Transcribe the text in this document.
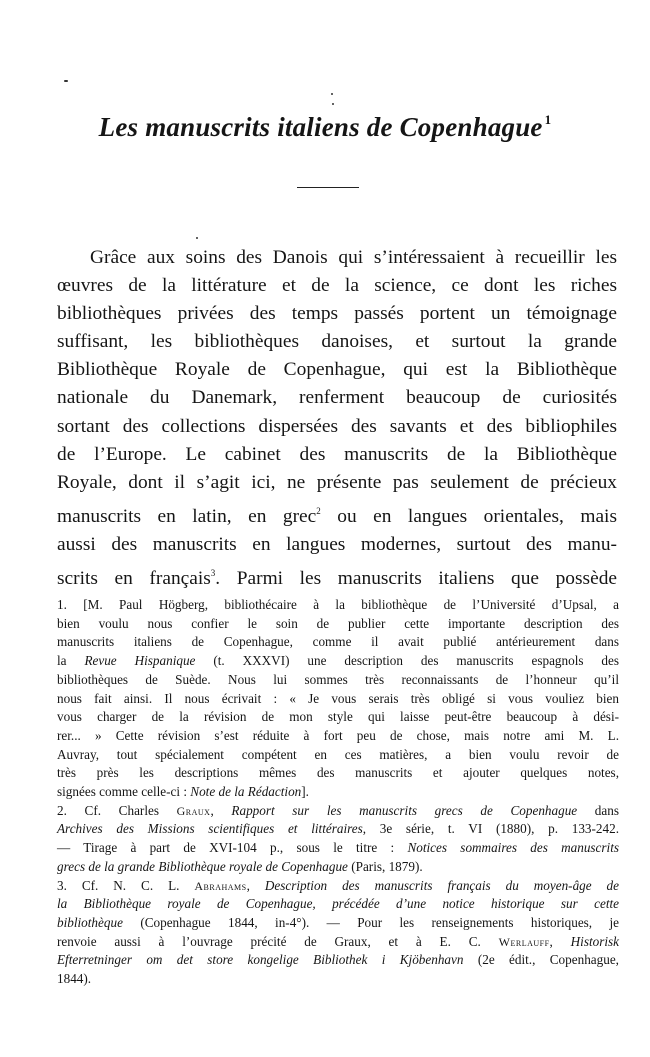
Les manuscrits italiens de Copenhague $^1$
Grâce aux soins des Danois qui s’intéressaient à recueillir les
œuvres de la littérature et de la science, ce dont les riches
bibliothèques privées des temps passés portent un témoignage
suffisant, les bibliothèques danoises, et surtout la grande
Bibliothèque Royale de Copenhague, qui est la Bibliothèque
nationale du Danemark, renferment beaucoup de curiosités
sortant des collections dispersées des savants et des bibliophiles
de l’Europe. Le cabinet des manuscrits de la Bibliothèque
Royale, dont il s’agit ici, ne présente pas seulement de précieux
manuscrits en latin, en grec$^2$ ou en langues orientales, mais
aussi des manuscrits en langues modernes, surtout des manu-
scrits en français$^3$. Parmi les manuscrits italiens que possède
1. [M. Paul Högberg, bibliothécaire à la bibliothèque de l’Université d’Upsal, a
bien voulu nous confier le soin de publier cette importante description des
manuscrits italiens de Copenhague, comme il avait publié antérieurement dans
la Revue Hispanique (t. XXXVI) une description des manuscrits espagnols des
bibliothèques de Suède. Nous lui sommes très reconnaissants de l’honneur qu’il
nous fait ainsi. Il nous écrivait : « Je vous serais très obligé si vous vouliez bien
vous charger de la révision de mon style qui laisse peut-être beaucoup à dési-
rer... » Cette révision s’est réduite à fort peu de chose, mais notre ami M. L.
Auvray, tout spécialement compétent en ces matières, a bien voulu revoir de
très près les descriptions mêmes des manuscrits et ajouter quelques notes,
signées comme celle-ci : Note de la Rédaction].
2. Cf. Charles Graux, Rapport sur les manuscrits grecs de Copenhague dans
Archives des Missions scientifiques et littéraires, 3e série, t. VI (1880), p. 133-242.
— Tirage à part de XVI-104 p., sous le titre : Notices sommaires des manuscrits
grecs de la grande Bibliothèque royale de Copenhague (Paris, 1879).
3. Cf. N. C. L. Abrahams, Description des manuscrits français du moyen-âge de
la Bibliothèque royale de Copenhague, précédée d’une notice historique sur cette
bibliothèque (Copenhague 1844, in-4°). — Pour les renseignements historiques, je
renvoie aussi à l’ouvrage précité de Graux, et à E. C. Werlauff, Historisk
Efterretninger om det store kongelige Bibliothek i Kjöbenhavn (2e édit., Copenhague,
1844).
